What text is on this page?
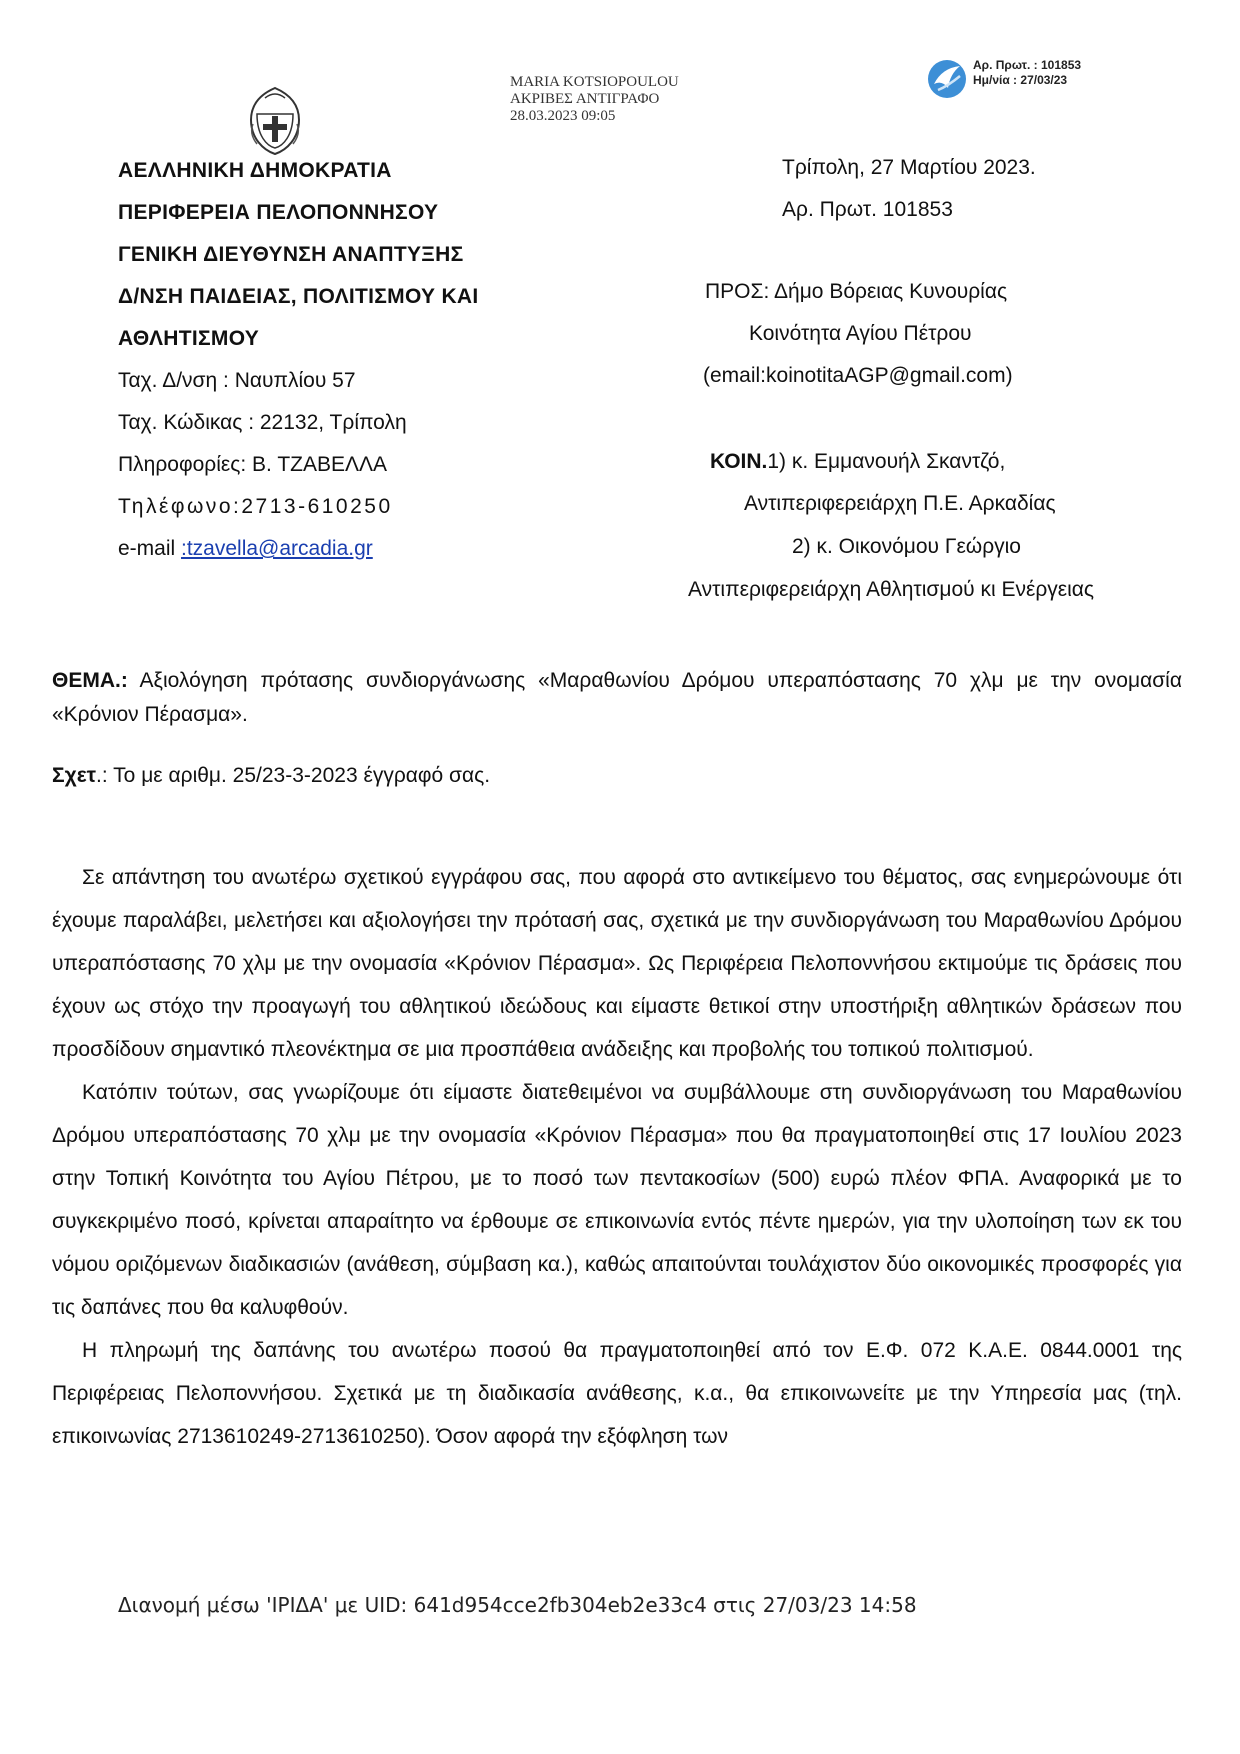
MARIA KOTSIOPOULOU
ΑΚΡΙΒΕΣ ΑΝΤΙΓΡΑΦΟ
28.03.2023 09:05
Αρ. Πρωτ. : 101853
Ημ/νία : 27/03/23
ΑΕΛΛΗΝΙΚΗ ΔΗΜΟΚΡΑΤΙΑ
ΠΕΡΙΦΕΡΕΙΑ ΠΕΛΟΠΟΝΝΗΣΟΥ
ΓΕΝΙΚΗ ΔΙΕΥΘΥΝΣΗ ΑΝΑΠΤΥΞΗΣ
Δ/ΝΣΗ ΠΑΙΔΕΙΑΣ, ΠΟΛΙΤΙΣΜΟΥ ΚΑΙ
ΑΘΛΗΤΙΣΜΟΥ
Ταχ. Δ/νση : Ναυπλίου 57
Ταχ. Κώδικας : 22132, Τρίπολη
Πληροφορίες: Β. ΤΖΑΒΕΛΛΑ
Τηλέφωνο:2713-610250
e-mail :tzavella@arcadia.gr
Τρίπολη, 27 Μαρτίου 2023.
Αρ. Πρωτ. 101853
ΠΡΟΣ: Δήμο Βόρειας Κυνουρίας
Κοινότητα Αγίου Πέτρου
(email:koinotitaAGP@gmail.com)
ΚΟΙΝ.1) κ. Εμμανουήλ Σκαντζό,
Αντιπεριφερειάρχη Π.Ε. Αρκαδίας
2) κ. Οικονόμου Γεώργιο
Αντιπεριφερειάρχη Αθλητισμού κι Ενέργειας
ΘΕΜΑ.: Αξιολόγηση πρότασης συνδιοργάνωσης «Μαραθωνίου Δρόμου υπεραπόστασης 70 χλμ με την ονομασία «Κρόνιον Πέρασμα».
Σχετ.: Το με αριθμ. 25/23-3-2023 έγγραφό σας.

Σε απάντηση του ανωτέρω σχετικού εγγράφου σας, που αφορά στο αντικείμενο του θέματος, σας ενημερώνουμε ότι έχουμε παραλάβει, μελετήσει και αξιολογήσει την πρότασή σας, σχετικά με την συνδιοργάνωση του Μαραθωνίου Δρόμου υπεραπόστασης 70 χλμ με την ονομασία «Κρόνιον Πέρασμα». Ως Περιφέρεια Πελοποννήσου εκτιμούμε τις δράσεις που έχουν ως στόχο την προαγωγή του αθλητικού ιδεώδους και είμαστε θετικοί στην υποστήριξη αθλητικών δράσεων που προσδίδουν σημαντικό πλεονέκτημα σε μια προσπάθεια ανάδειξης και προβολής του τοπικού πολιτισμού.

Κατόπιν τούτων, σας γνωρίζουμε ότι είμαστε διατεθειμένοι να συμβάλλουμε στη συνδιοργάνωση του Μαραθωνίου Δρόμου υπεραπόστασης 70 χλμ με την ονομασία «Κρόνιον Πέρασμα» που θα πραγματοποιηθεί στις 17 Ιουλίου 2023 στην Τοπική Κοινότητα του Αγίου Πέτρου, με το ποσό των πεντακοσίων (500) ευρώ πλέον ΦΠΑ. Αναφορικά με το συγκεκριμένο ποσό, κρίνεται απαραίτητο να έρθουμε σε επικοινωνία εντός πέντε ημερών, για την υλοποίηση των εκ του νόμου οριζόμενων διαδικασιών (ανάθεση, σύμβαση κα.), καθώς απαιτούνται τουλάχιστον δύο οικονομικές προσφορές για τις δαπάνες που θα καλυφθούν.

Η πληρωμή της δαπάνης του ανωτέρω ποσού θα πραγματοποιηθεί από τον Ε.Φ. 072 Κ.Α.Ε. 0844.0001 της Περιφέρειας Πελοποννήσου. Σχετικά με τη διαδικασία ανάθεσης, κ.α., θα επικοινωνείτε με την Υπηρεσία μας (τηλ. επικοινωνίας 2713610249-2713610250). Όσον αφορά την εξόφληση των

Διανομή μέσω 'ΙΡΙΔΑ' με UID: 641d954cce2fb304eb2e33c4 στις 27/03/23 14:58
